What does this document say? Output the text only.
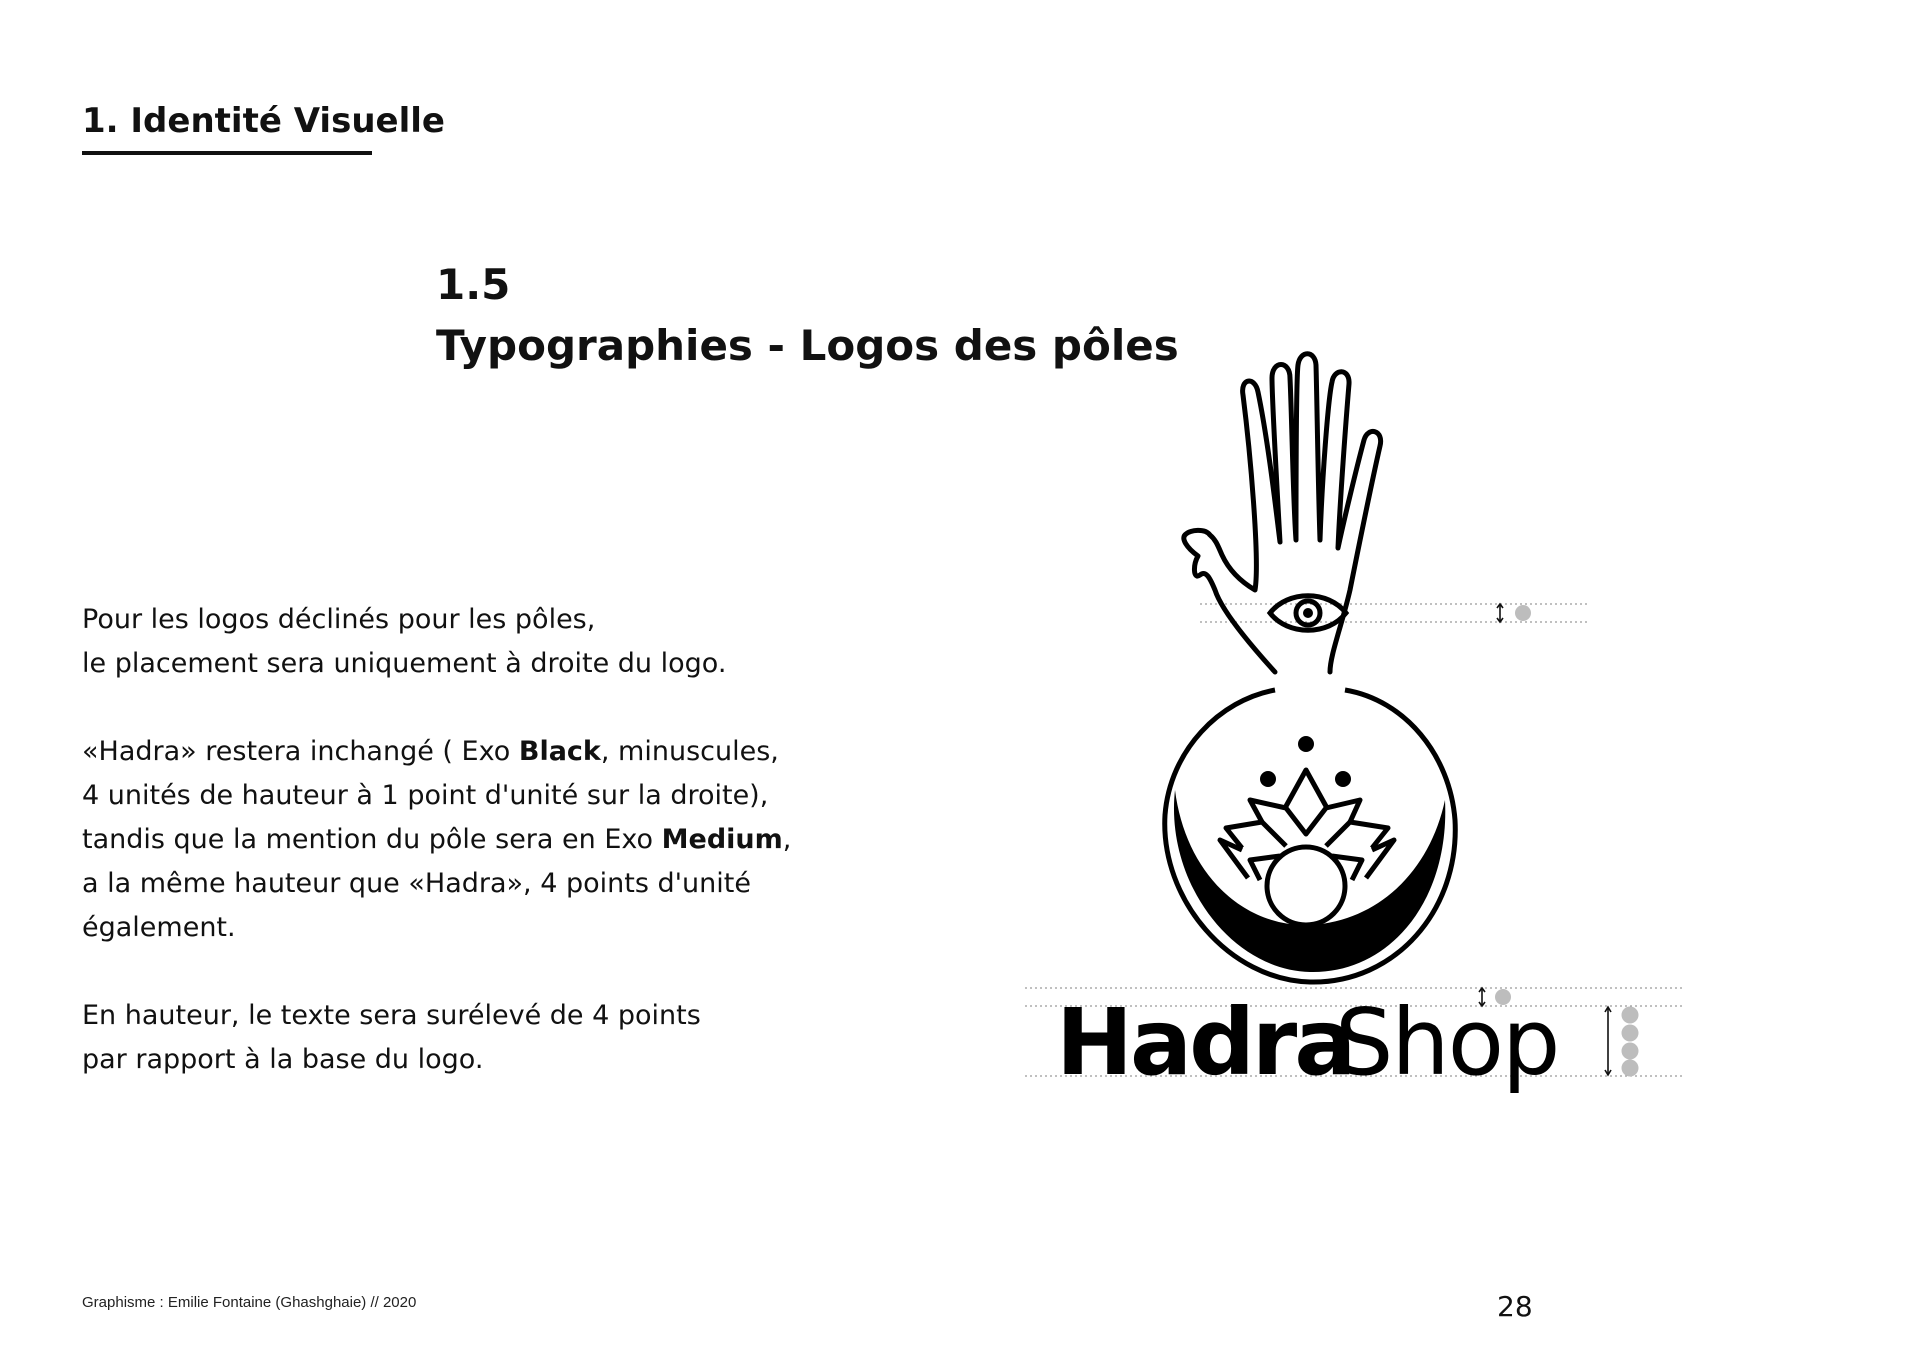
1. Identité Visuelle
1.5
Typographies - Logos des pôles

Pour les logos déclinés pour les pôles,
le placement sera uniquement à droite du logo.

«Hadra» restera inchangé ( Exo Black, minuscules,
4 unités de hauteur à 1 point d'unité sur la droite),
tandis que la mention du pôle sera en Exo Medium,
a la même hauteur que «Hadra», 4 points d'unité
également.

En hauteur, le texte sera surélevé de 4 points
par rapport à la base du logo.	Hadra
Shop
Graphisme : Emilie Fontaine (Ghashghaie) // 2020	28
